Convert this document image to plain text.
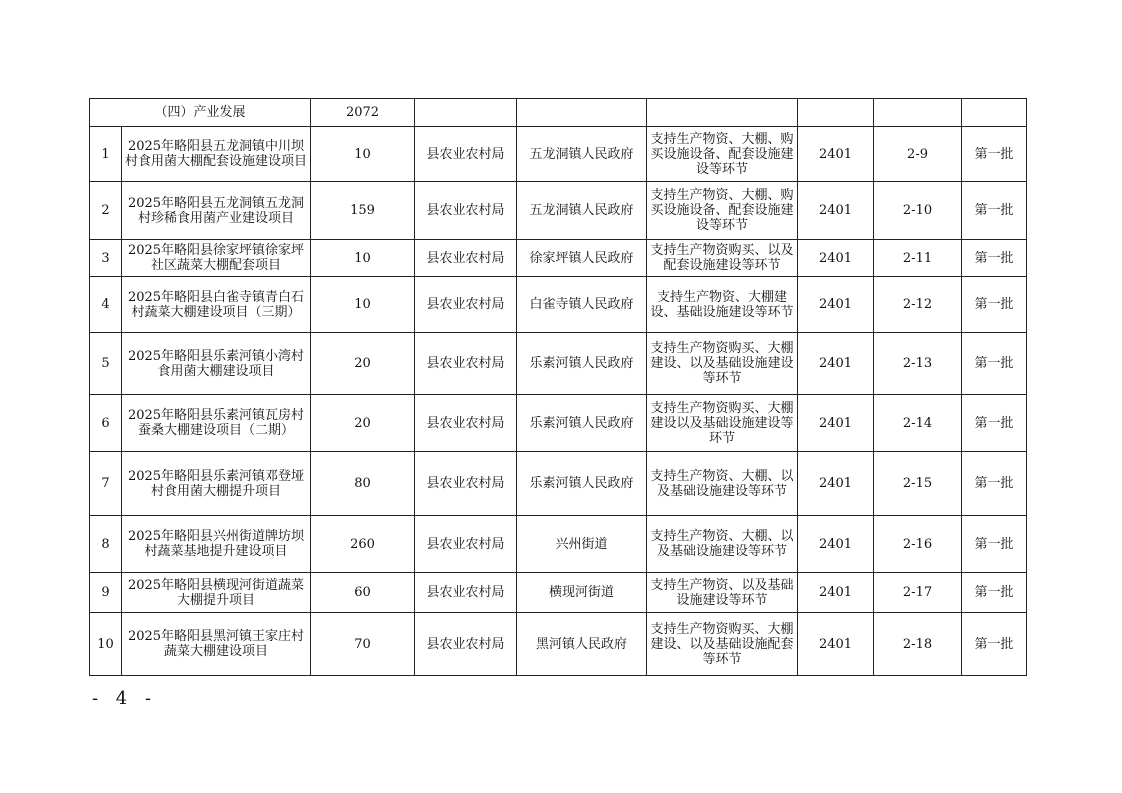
（四）产业发展		2072						
1	2025年略阳县五龙洞镇中川坝村食用菌大棚配套设施建设项目	10	县农业农村局	五龙洞镇人民政府	支持生产物资、大棚、购买设施设备、配套设施建设等环节	2401	2-9	第一批
2	2025年略阳县五龙洞镇五龙洞村珍稀食用菌产业建设项目	159	县农业农村局	五龙洞镇人民政府	支持生产物资、大棚、购买设施设备、配套设施建设等环节	2401	2-10	第一批
3	2025年略阳县徐家坪镇徐家坪社区蔬菜大棚配套项目	10	县农业农村局	徐家坪镇人民政府	支持生产物资购买、以及配套设施建设等环节	2401	2-11	第一批
4	2025年略阳县白雀寺镇青白石村蔬菜大棚建设项目（三期）	10	县农业农村局	白雀寺镇人民政府	支持生产物资、大棚建设、基础设施建设等环节	2401	2-12	第一批
5	2025年略阳县乐素河镇小湾村食用菌大棚建设项目	20	县农业农村局	乐素河镇人民政府	支持生产物资购买、大棚建设、以及基础设施建设等环节	2401	2-13	第一批
6	2025年略阳县乐素河镇瓦房村蚕桑大棚建设项目（二期）	20	县农业农村局	乐素河镇人民政府	支持生产物资购买、大棚建设以及基础设施建设等环节	2401	2-14	第一批
7	2025年略阳县乐素河镇邓登垭村食用菌大棚提升项目	80	县农业农村局	乐素河镇人民政府	支持生产物资、大棚、以及基础设施建设等环节	2401	2-15	第一批
8	2025年略阳县兴州街道牌坊坝村蔬菜基地提升建设项目	260	县农业农村局	兴州街道	支持生产物资、大棚、以及基础设施建设等环节	2401	2-16	第一批
9	2025年略阳县横现河街道蔬菜大棚提升项目	60	县农业农村局	横现河街道	支持生产物资、以及基础设施建设等环节	2401	2-17	第一批
10	2025年略阳县黑河镇王家庄村蔬菜大棚建设项目	70	县农业农村局	黑河镇人民政府	支持生产物资购买、大棚建设、以及基础设施配套等环节	2401	2-18	第一批
- 4 -
